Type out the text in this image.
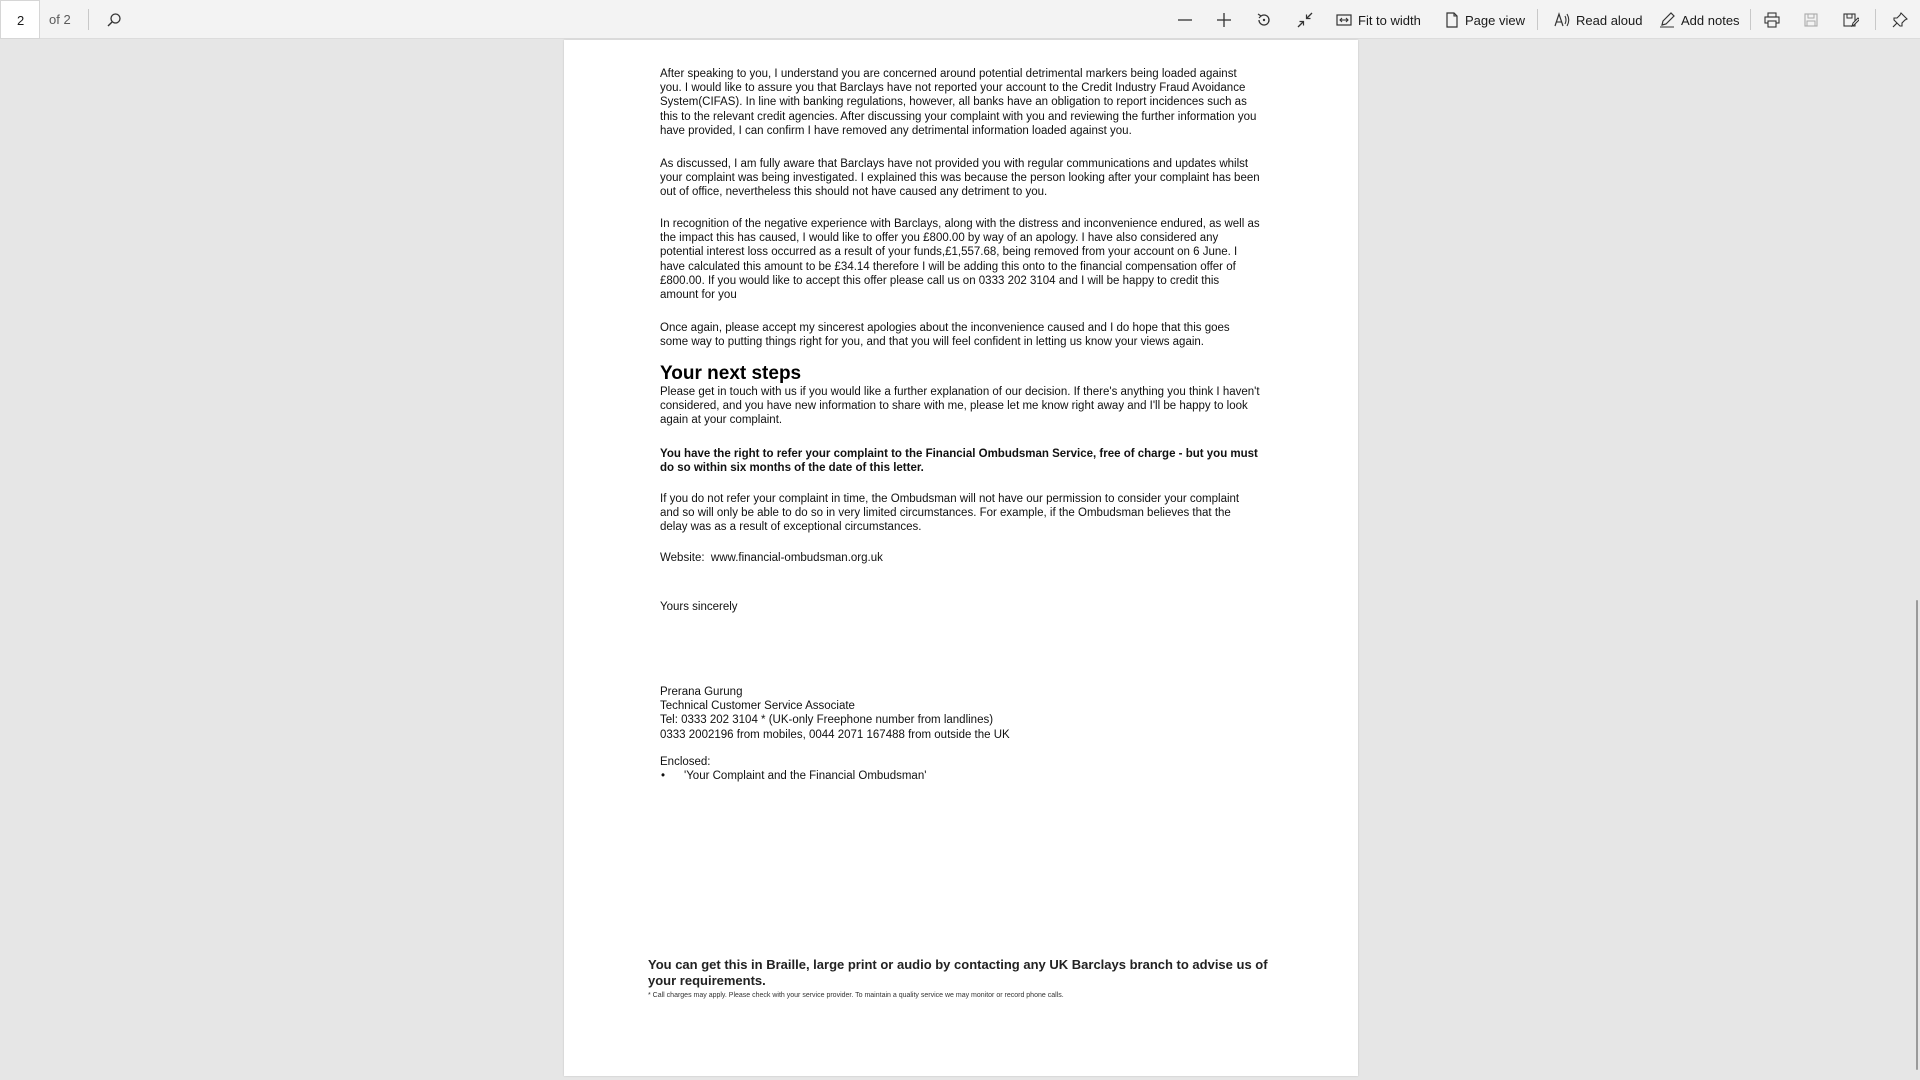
2	of 2	Fit to width	Page view	Read aloud	Add notes

After speaking to you, I understand you are concerned around potential detrimental markers being loaded against you. I would like to assure you that Barclays have not reported your account to the Credit Industry Fraud Avoidance System(CIFAS). In line with banking regulations, however, all banks have an obligation to report incidences such as this to the relevant credit agencies. After discussing your complaint with you and reviewing the further information you have provided, I can confirm I have removed any detrimental information loaded against you.

As discussed, I am fully aware that Barclays have not provided you with regular communications and updates whilst your complaint was being investigated. I explained this was because the person looking after your complaint has been out of office, nevertheless this should not have caused any detriment to you.

In recognition of the negative experience with Barclays, along with the distress and inconvenience endured, as well as the impact this has caused, I would like to offer you £800.00 by way of an apology. I have also considered any potential interest loss occurred as a result of your funds,£1,557.68, being removed from your account on 6 June. I have calculated this amount to be £34.14 therefore I will be adding this onto to the financial compensation offer of £800.00. If you would like to accept this offer please call us on 0333 202 3104 and I will be happy to credit this amount for you

Once again, please accept my sincerest apologies about the inconvenience caused and I do hope that this goes some way to putting things right for you, and that you will feel confident in letting us know your views again.

Your next steps

Please get in touch with us if you would like a further explanation of our decision. If there's anything you think I haven't considered, and you have new information to share with me, please let me know right away and I'll be happy to look again at your complaint.

You have the right to refer your complaint to the Financial Ombudsman Service, free of charge - but you must do so within six months of the date of this letter.

If you do not refer your complaint in time, the Ombudsman will not have our permission to consider your complaint and so will only be able to do so in very limited circumstances. For example, if the Ombudsman believes that the delay was as a result of exceptional circumstances.

Website: www.financial-ombudsman.org.uk

Yours sincerely

Prerana Gurung
Technical Customer Service Associate
Tel: 0333 202 3104 * (UK-only Freephone number from landlines)
0333 2002196 from mobiles, 0044 2071 167488 from outside the UK
Enclosed:
•	'Your Complaint and the Financial Ombudsman'

You can get this in Braille, large print or audio by contacting any UK Barclays branch to advise us of your requirements.

* Call charges may apply. Please check with your service provider. To maintain a quality service we may monitor or record phone calls.
